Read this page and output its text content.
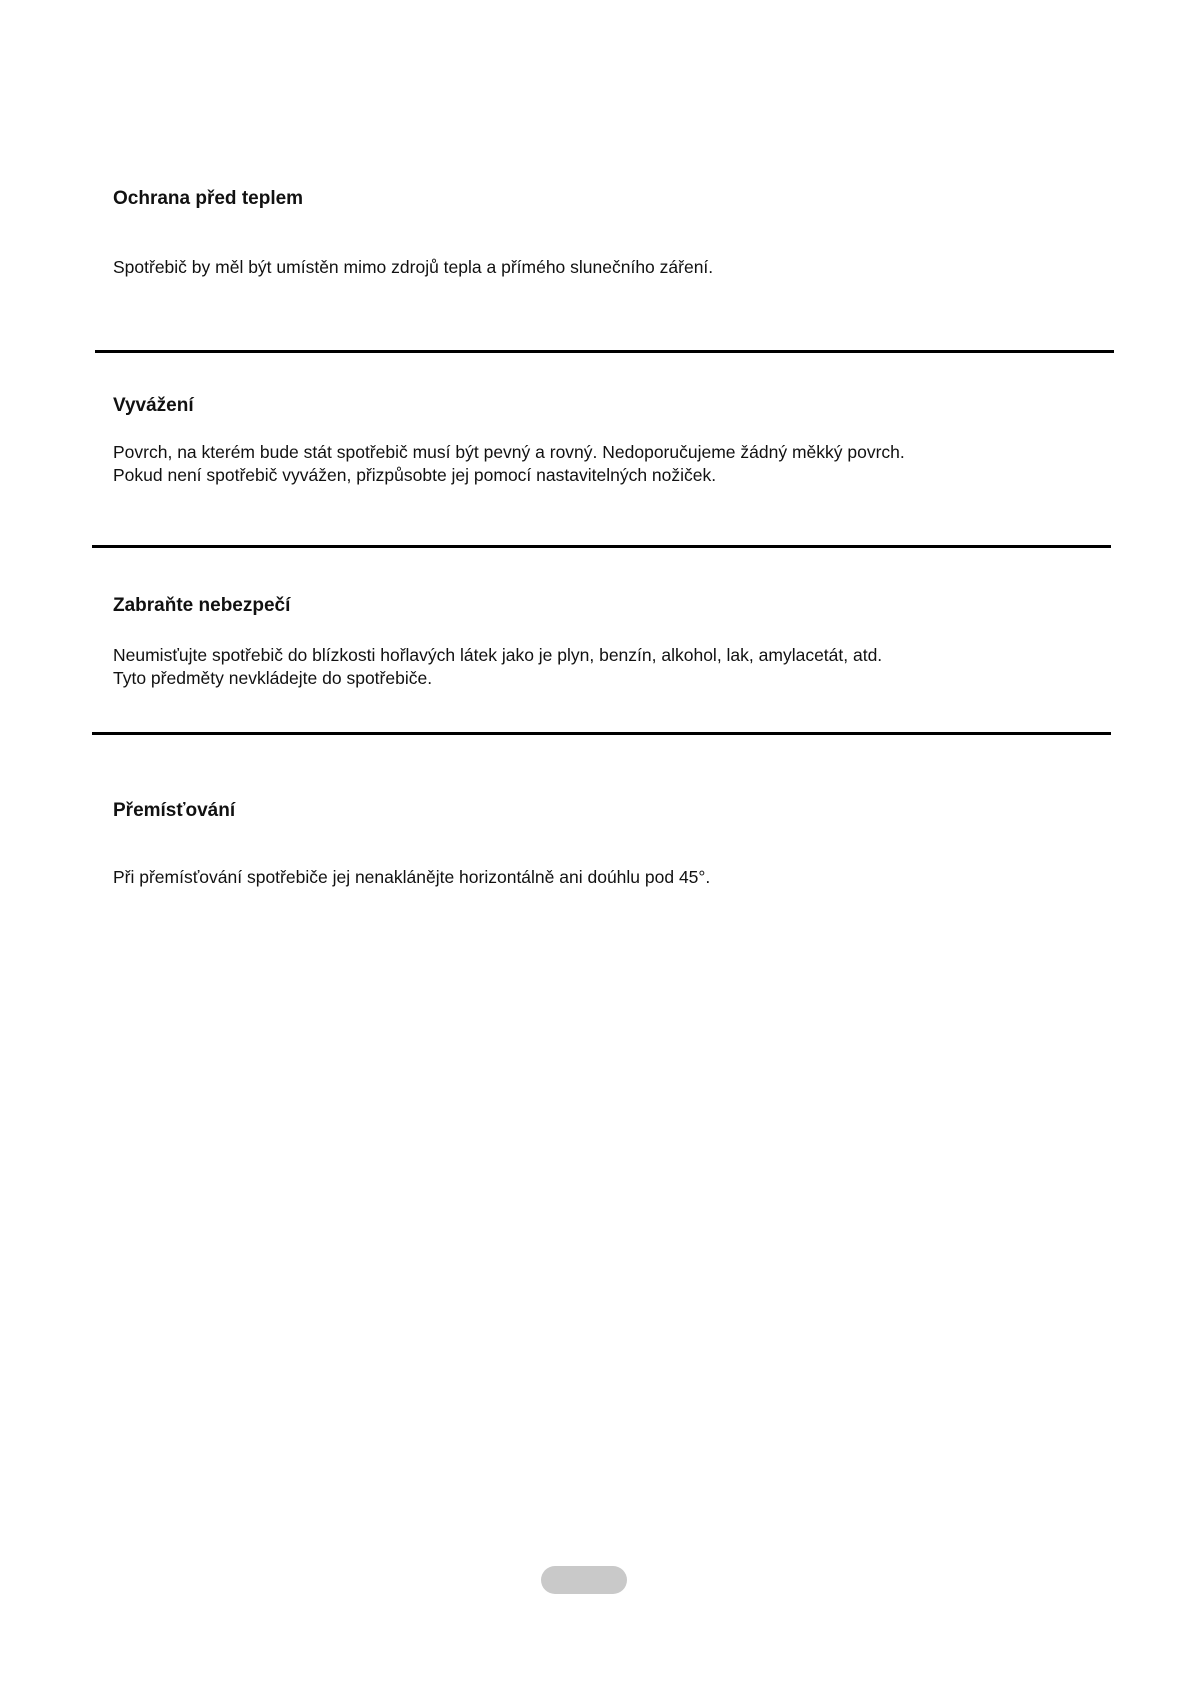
Ochrana před teplem

Spotřebič by měl být umístěn mimo zdrojů tepla a přímého slunečního záření.

Vyvážení

Povrch, na kterém bude stát spotřebič musí být pevný a rovný. Nedoporučujeme žádný měkký povrch.
Pokud není spotřebič vyvážen, přizpůsobte jej pomocí nastavitelných nožiček.

Zabraňte nebezpečí

Neumisťujte spotřebič do blízkosti hořlavých látek jako je plyn, benzín, alkohol, lak, amylacetát, atd.
Tyto předměty nevkládejte do spotřebiče.

Přemísťování

Při přemísťování spotřebiče jej nenaklánějte horizontálně ani doúhlu pod 45°.
